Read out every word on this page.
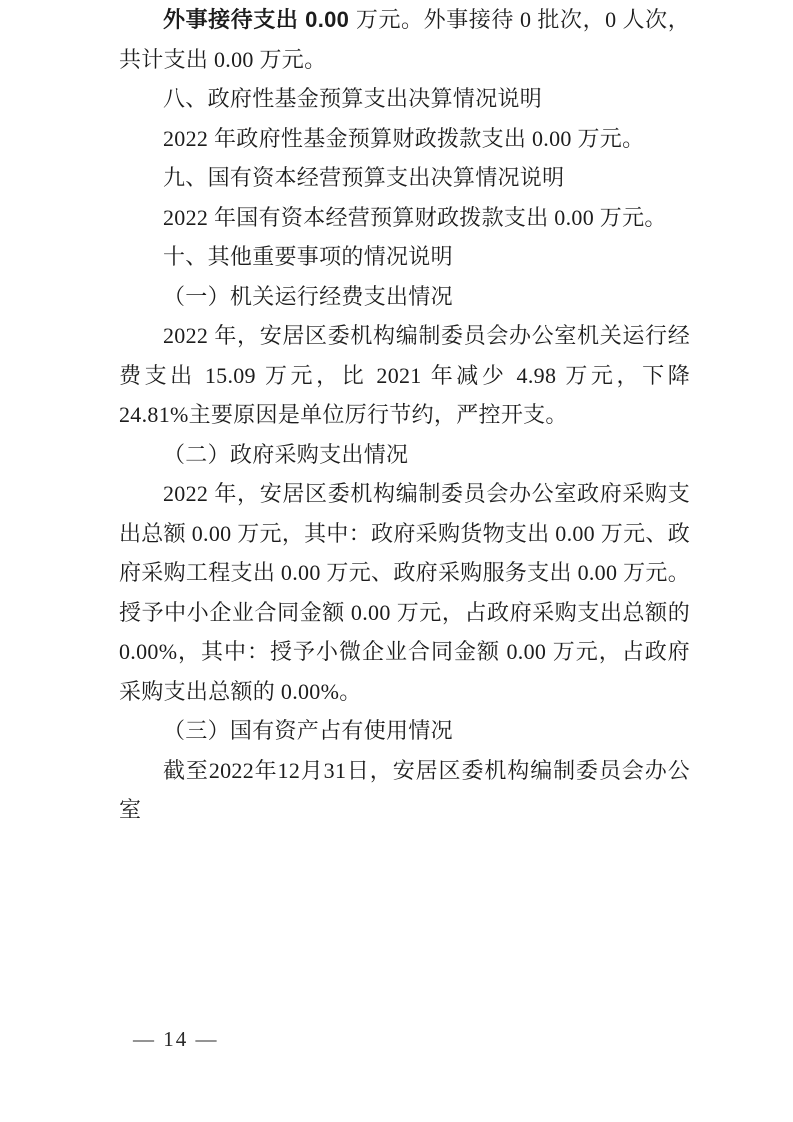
外事接待支出 0.00 万元。外事接待 0 批次，0 人次，共计支出 0.00 万元。

八、政府性基金预算支出决算情况说明

2022 年政府性基金预算财政拨款支出 0.00 万元。

九、国有资本经营预算支出决算情况说明

2022 年国有资本经营预算财政拨款支出 0.00 万元。

十、其他重要事项的情况说明
（一）机关运行经费支出情况

2022 年，安居区委机构编制委员会办公室机关运行经费支出 15.09 万元，比 2021 年减少 4.98 万元，下降 24.81%主要原因是单位厉行节约，严控开支。

（二）政府采购支出情况

2022 年，安居区委机构编制委员会办公室政府采购支出总额 0.00 万元，其中：政府采购货物支出 0.00 万元、政府采购工程支出 0.00 万元、政府采购服务支出 0.00 万元。授予中小企业合同金额 0.00 万元，占政府采购支出总额的 0.00%，其中：授予小微企业合同金额 0.00 万元，占政府采购支出总额的 0.00%。

（三）国有资产占有使用情况

截至2022年12月31日，安居区委机构编制委员会办公室

— 14 —
